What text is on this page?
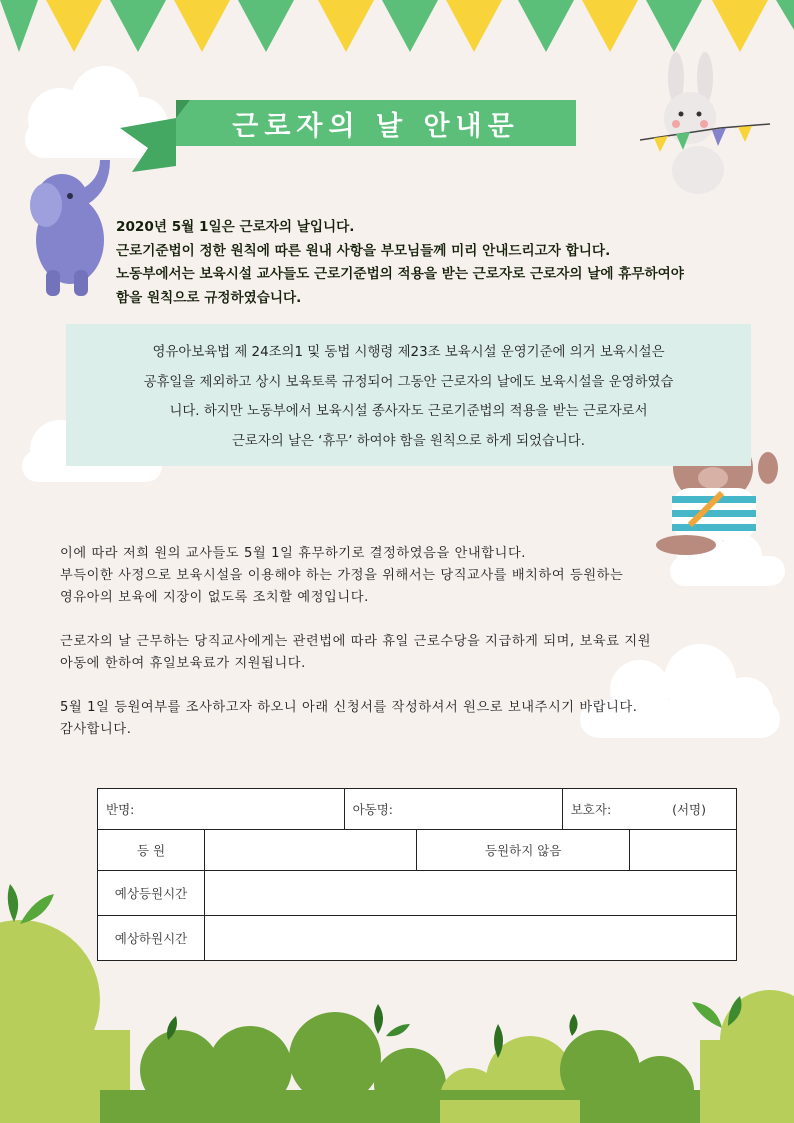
근로자의 날 안내문
2020년 5월 1일은 근로자의 날입니다.
근로기준법이 정한 원칙에 따른 원내 사항을 부모님들께 미리 안내드리고자 합니다.
노동부에서는 보육시설 교사들도 근로기준법의 적용을 받는 근로자로 근로자의 날에 휴무하여야
함을 원칙으로 규정하였습니다.
영유아보육법 제 24조의1 및 동법 시행령 제23조 보육시설 운영기준에 의거 보육시설은
공휴일을 제외하고 상시 보육토록 규정되어 그동안 근로자의 날에도 보육시설을 운영하였습
니다. 하지만 노동부에서 보육시설 종사자도 근로기준법의 적용을 받는 근로자로서
근로자의 날은 ‘휴무’ 하여야 함을 원칙으로 하게 되었습니다.
이에 따라 저희 원의 교사들도 5월 1일 휴무하기로 결정하였음을 안내합니다.
부득이한 사정으로 보육시설을 이용해야 하는 가정을 위해서는 당직교사를 배치하여 등원하는
영유아의 보육에 지장이 없도록 조치할 예정입니다.
근로자의 날 근무하는 당직교사에게는 관련법에 따라 휴일 근로수당을 지급하게 되며, 보육료 지원
아동에 한하여 휴일보육료가 지원됩니다.
5월 1일 등원여부를 조사하고자 하오니 아래 신청서를 작성하셔서 원으로 보내주시기 바랍니다.
감사합니다.
반명:		아동명:		보호자: (서명)	

등 원			등원하지 않음		
예상등원시간					
예상하원시간					
